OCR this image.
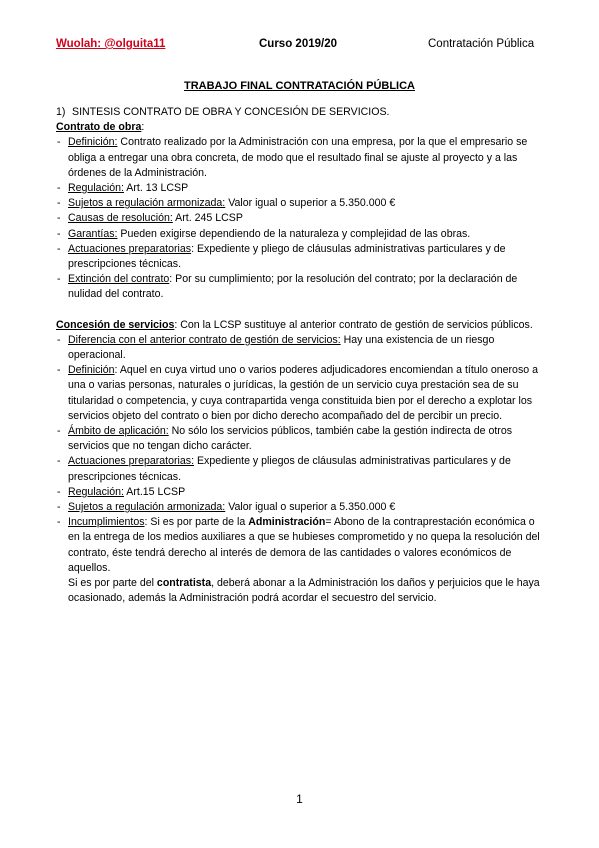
Wuolah: @olguita11	Curso 2019/20	Contratación Pública
TRABAJO FINAL CONTRATACIÓN PÚBLICA

1) SINTESIS CONTRATO DE OBRA Y CONCESIÓN DE SERVICIOS.

Contrato de obra:

- Definición: Contrato realizado por la Administración con una empresa, por la que el empresario se obliga a entregar una obra concreta, de modo que el resultado final se ajuste al proyecto y a las órdenes de la Administración.
- Regulación: Art. 13 LCSP
- Sujetos a regulación armonizada: Valor igual o superior a 5.350.000 €
- Causas de resolución: Art. 245 LCSP
- Garantías: Pueden exigirse dependiendo de la naturaleza y complejidad de las obras.
- Actuaciones preparatorias: Expediente y pliego de cláusulas administrativas particulares y de prescripciones técnicas.
- Extinción del contrato: Por su cumplimiento; por la resolución del contrato; por la declaración de nulidad del contrato.

Concesión de servicios: Con la LCSP sustituye al anterior contrato de gestión de servicios públicos.

- Diferencia con el anterior contrato de gestión de servicios: Hay una existencia de un riesgo operacional.
- Definición: Aquel en cuya virtud uno o varios poderes adjudicadores encomiendan a título oneroso a una o varias personas, naturales o jurídicas, la gestión de un servicio cuya prestación sea de su titularidad o competencia, y cuya contrapartida venga constituida bien por el derecho a explotar los servicios objeto del contrato o bien por dicho derecho acompañado del de percibir un precio.
- Ámbito de aplicación: No sólo los servicios públicos, también cabe la gestión indirecta de otros servicios que no tengan dicho carácter.
- Actuaciones preparatorias: Expediente y pliegos de cláusulas administrativas particulares y de prescripciones técnicas.
- Regulación: Art.15 LCSP
- Sujetos a regulación armonizada: Valor igual o superior a 5.350.000 €
- Incumplimientos: Si es por parte de la Administración= Abono de la contraprestación económica o en la entrega de los medios auxiliares a que se hubieses comprometido y no quepa la resolución del contrato, éste tendrá derecho al interés de demora de las cantidades o valores económicos de aquellos.
Si es por parte del contratista, deberá abonar a la Administración los daños y perjuicios que le haya ocasionado, además la Administración podrá acordar el secuestro del servicio.
1
